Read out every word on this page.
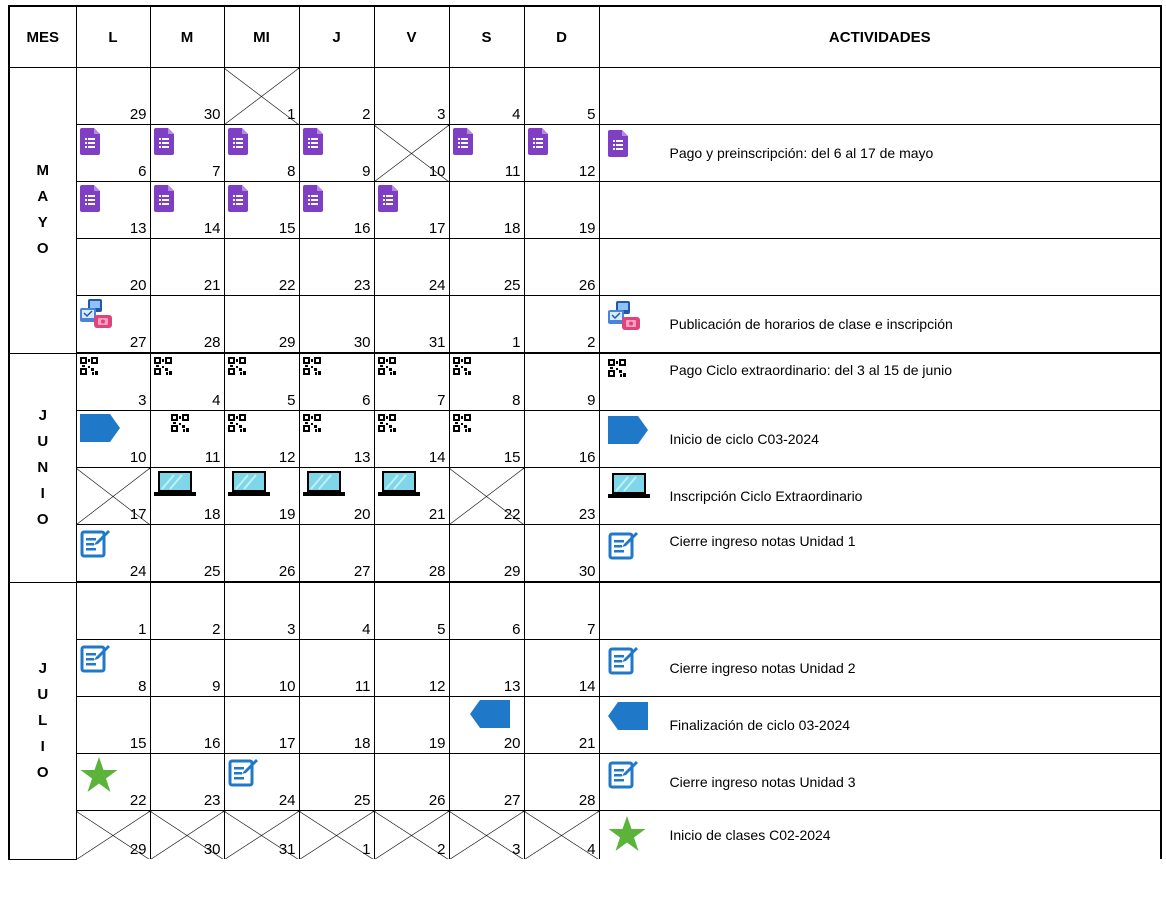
MES	L	M	MI	J	V	S	D	ACTIVIDADES

M
A
Y
O	29	30	1	2	3	4	5	

	6	7	8	9	10	11	12	Pago y preinscripción: del 6 al 17 de mayo

	13	14	15	16	17	18	19	

	20	21	22	23	24	25	26	

	27	28	29	30	31	1	2	Publicación de horarios de clase e inscripción

J
U
N
I
O	3	4	5	6	7	8	9	Pago Ciclo extraordinario: del 3 al 15 de junio

	10	11	12	13	14	15	16	Inicio de ciclo C03-2024

	17	18	19	20	21	22	23	Inscripción Ciclo Extraordinario

	24	25	26	27	28	29	30	Cierre ingreso notas Unidad 1

J
U
L
I
O	1	2	3	4	5	6	7	

	8	9	10	11	12	13	14	Cierre ingreso notas Unidad 2

	15	16	17	18	19	20	21	Finalización de ciclo 03-2024

	22	23	24	25	26	27	28	Cierre ingreso notas Unidad 3

	29	30	31	1	2	3	4	Inicio de clases C02-2024
